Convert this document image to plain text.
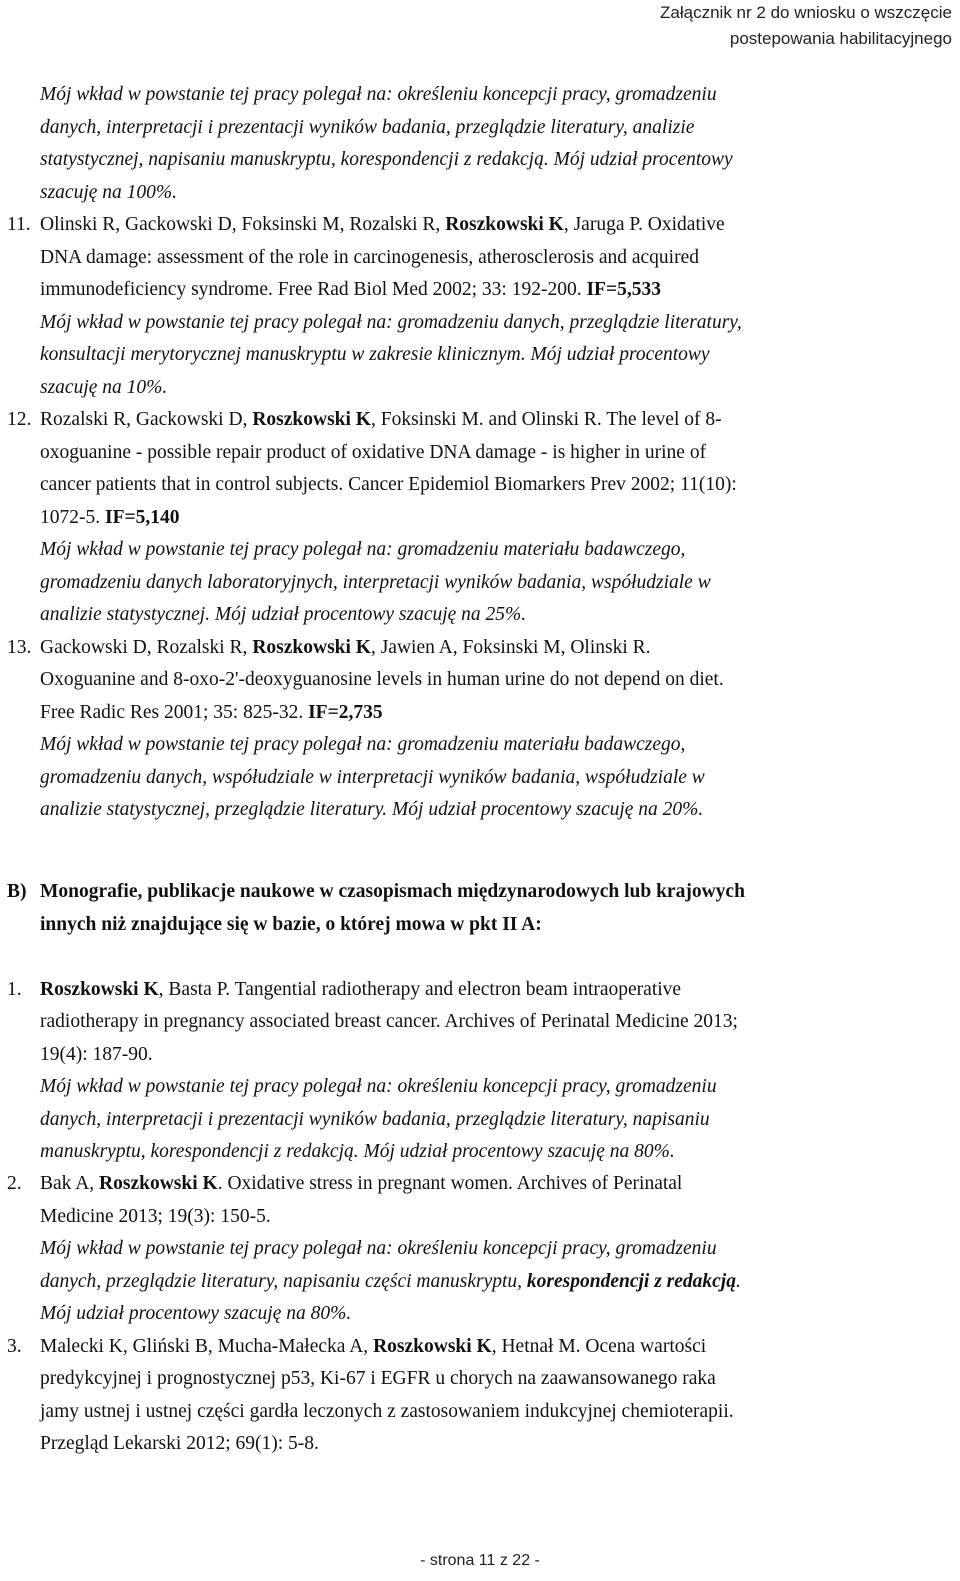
Załącznik nr 2 do wniosku o wszczęcie
postepowania habilitacyjnego

Mój wkład w powstanie tej pracy polegał na: określeniu koncepcji pracy, gromadzeniu

danych, interpretacji i prezentacji wyników badania, przeglądzie literatury, analizie

statystycznej, napisaniu manuskryptu, korespondencji z redakcją. Mój udział procentowy

szacuję na 100%.

11. Olinski R, Gackowski D, Foksinski M, Rozalski R, Roszkowski K, Jaruga P. Oxidative

DNA damage: assessment of the role in carcinogenesis, atherosclerosis and acquired

immunodeficiency syndrome. Free Rad Biol Med 2002; 33: 192-200. IF=5,533

Mój wkład w powstanie tej pracy polegał na: gromadzeniu danych, przeglądzie literatury,

konsultacji merytorycznej manuskryptu w zakresie klinicznym. Mój udział procentowy

szacuję na 10%.

12. Rozalski R, Gackowski D, Roszkowski K, Foksinski M. and Olinski R. The level of 8-

oxoguanine - possible repair product of oxidative DNA damage - is higher in urine of

cancer patients that in control subjects. Cancer Epidemiol Biomarkers Prev 2002; 11(10):

1072-5. IF=5,140

Mój wkład w powstanie tej pracy polegał na: gromadzeniu materiału badawczego,

gromadzeniu danych laboratoryjnych, interpretacji wyników badania, współudziale w

analizie statystycznej. Mój udział procentowy szacuję na 25%.

13. Gackowski D, Rozalski R, Roszkowski K, Jawien A, Foksinski M, Olinski R.

Oxoguanine and 8-oxo-2'-deoxyguanosine levels in human urine do not depend on diet.

Free Radic Res 2001; 35: 825-32. IF=2,735

Mój wkład w powstanie tej pracy polegał na: gromadzeniu materiału badawczego,

gromadzeniu danych, współudziale w interpretacji wyników badania, współudziale w

analizie statystycznej, przeglądzie literatury. Mój udział procentowy szacuję na 20%.

B) Monografie, publikacje naukowe w czasopismach międzynarodowych lub krajowych

innych niż znajdujące się w bazie, o której mowa w pkt II A:

1. Roszkowski K, Basta P. Tangential radiotherapy and electron beam intraoperative

radiotherapy in pregnancy associated breast cancer. Archives of Perinatal Medicine 2013;

19(4): 187-90.

Mój wkład w powstanie tej pracy polegał na: określeniu koncepcji pracy, gromadzeniu

danych, interpretacji i prezentacji wyników badania, przeglądzie literatury, napisaniu

manuskryptu, korespondencji z redakcją. Mój udział procentowy szacuję na 80%.

2. Bak A, Roszkowski K. Oxidative stress in pregnant women. Archives of Perinatal

Medicine 2013; 19(3): 150-5.

Mój wkład w powstanie tej pracy polegał na: określeniu koncepcji pracy, gromadzeniu

danych, przeglądzie literatury, napisaniu części manuskryptu, korespondencji z redakcją.

Mój udział procentowy szacuję na 80%.

3. Malecki K, Gliński B, Mucha-Małecka A, Roszkowski K, Hetnał M. Ocena wartości

predykcyjnej i prognostycznej p53, Ki-67 i EGFR u chorych na zaawansowanego raka

jamy ustnej i ustnej części gardła leczonych z zastosowaniem indukcyjnej chemioterapii.

Przegląd Lekarski 2012; 69(1): 5-8.

- strona 11 z 22 -
